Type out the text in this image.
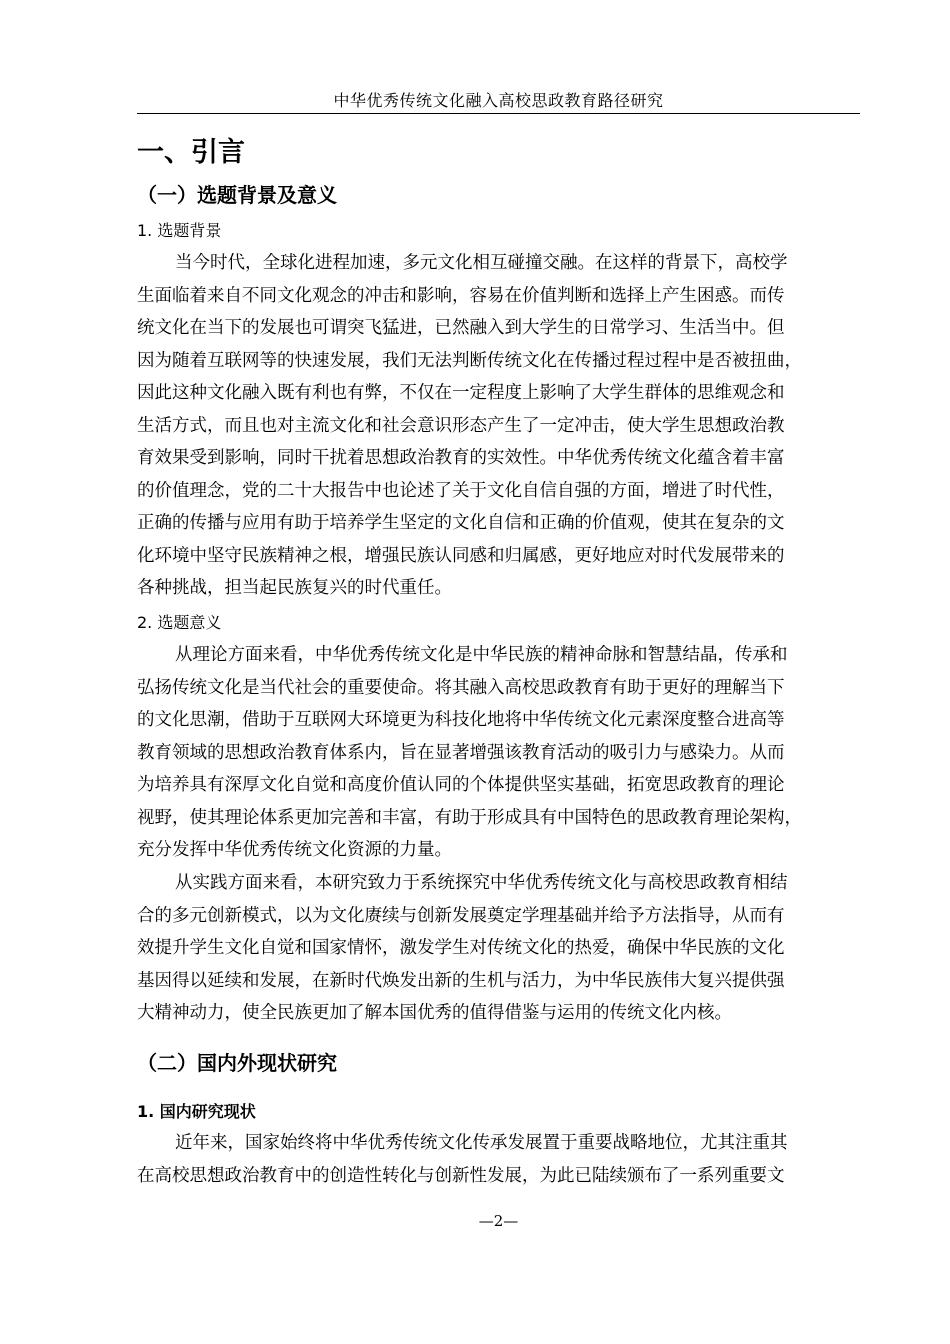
中华优秀传统文化融入高校思政教育路径研究
一、引言
（一）选题背景及意义
1. 选题背景
当今时代，全球化进程加速，多元文化相互碰撞交融。在这样的背景下，高校学
生面临着来自不同文化观念的冲击和影响，容易在价值判断和选择上产生困惑。而传
统文化在当下的发展也可谓突飞猛进，已然融入到大学生的日常学习、生活当中。但
因为随着互联网等的快速发展，我们无法判断传统文化在传播过程过程中是否被扭曲，
因此这种文化融入既有利也有弊，不仅在一定程度上影响了大学生群体的思维观念和
生活方式，而且也对主流文化和社会意识形态产生了一定冲击，使大学生思想政治教
育效果受到影响，同时干扰着思想政治教育的实效性。中华优秀传统文化蕴含着丰富
的价值理念，党的二十大报告中也论述了关于文化自信自强的方面，增进了时代性，
正确的传播与应用有助于培养学生坚定的文化自信和正确的价值观，使其在复杂的文
化环境中坚守民族精神之根，增强民族认同感和归属感，更好地应对时代发展带来的
各种挑战，担当起民族复兴的时代重任。
2. 选题意义
从理论方面来看，中华优秀传统文化是中华民族的精神命脉和智慧结晶，传承和
弘扬传统文化是当代社会的重要使命。将其融入高校思政教育有助于更好的理解当下
的文化思潮，借助于互联网大环境更为科技化地将中华传统文化元素深度整合进高等
教育领域的思想政治教育体系内，旨在显著增强该教育活动的吸引力与感染力。从而
为培养具有深厚文化自觉和高度价值认同的个体提供坚实基础，拓宽思政教育的理论
视野，使其理论体系更加完善和丰富，有助于形成具有中国特色的思政教育理论架构，
充分发挥中华优秀传统文化资源的力量。
从实践方面来看，本研究致力于系统探究中华优秀传统文化与高校思政教育相结
合的多元创新模式，以为文化赓续与创新发展奠定学理基础并给予方法指导，从而有
效提升学生文化自觉和国家情怀，激发学生对传统文化的热爱，确保中华民族的文化
基因得以延续和发展，在新时代焕发出新的生机与活力，为中华民族伟大复兴提供强
大精神动力，使全民族更加了解本国优秀的值得借鉴与运用的传统文化内核。
（二）国内外现状研究
1. 国内研究现状
近年来，国家始终将中华优秀传统文化传承发展置于重要战略地位，尤其注重其
在高校思想政治教育中的创造性转化与创新性发展，为此已陆续颁布了一系列重要文
—2—
